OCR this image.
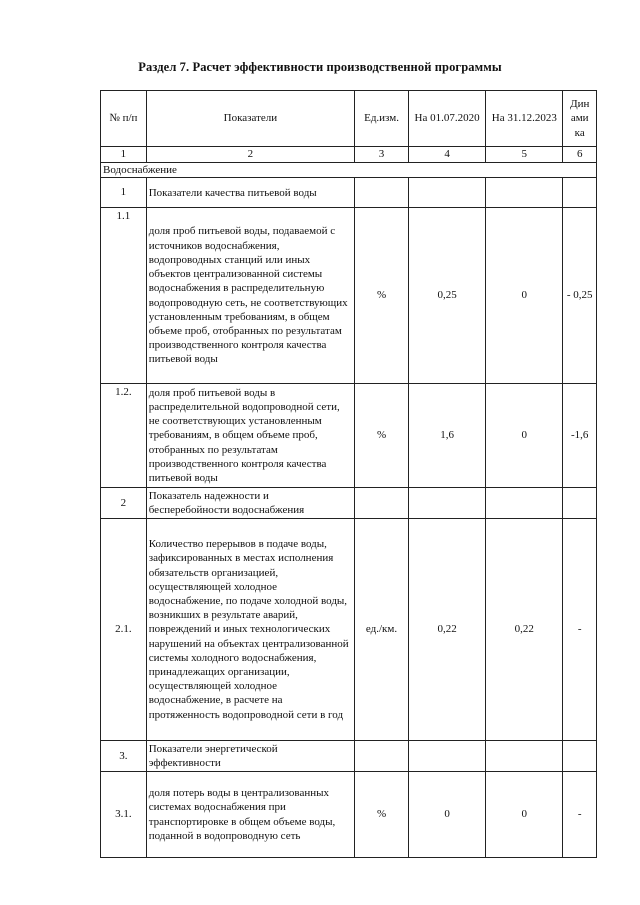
Раздел 7. Расчет эффективности производственной программы
№ п/п	Показатели	Ед.изм.	На 01.07.2020	На 31.12.2023	Дин ами ка
1	2	3	4	5	6
Водоснабжение					
1	Показатели качества питьевой воды				
1.1	доля проб питьевой воды, подаваемой с источников водоснабжения, водопроводных станций или иных объектов централизованной системы водоснабжения в распределительную водопроводную сеть, не соответствующих установленным требованиям, в общем объеме проб, отобранных по результатам производственного контроля качества питьевой воды	%	0,25	0	- 0,25
1.2.	доля проб питьевой воды в распределительной водопроводной сети, не соответствующих установленным требованиям, в общем объеме проб, отобранных по результатам производственного контроля качества питьевой воды	%	1,6	0	-1,6
2	Показатель надежности и бесперебойности водоснабжения				
2.1.	Количество перерывов в подаче воды, зафиксированных в местах исполнения обязательств организацией, осуществляющей холодное водоснабжение, по подаче холодной воды, возникших в результате аварий, повреждений и иных технологических нарушений на объектах централизованной системы холодного водоснабжения, принадлежащих организации, осуществляющей холодное водоснабжение, в расчете на протяженность водопроводной сети в год	ед./км.	0,22	0,22	-
3.	Показатели энергетической эффективности				
3.1.	доля потерь воды в централизованных системах водоснабжения при транспортировке в общем объеме воды, поданной в водопроводную сеть	%	0	0	-
